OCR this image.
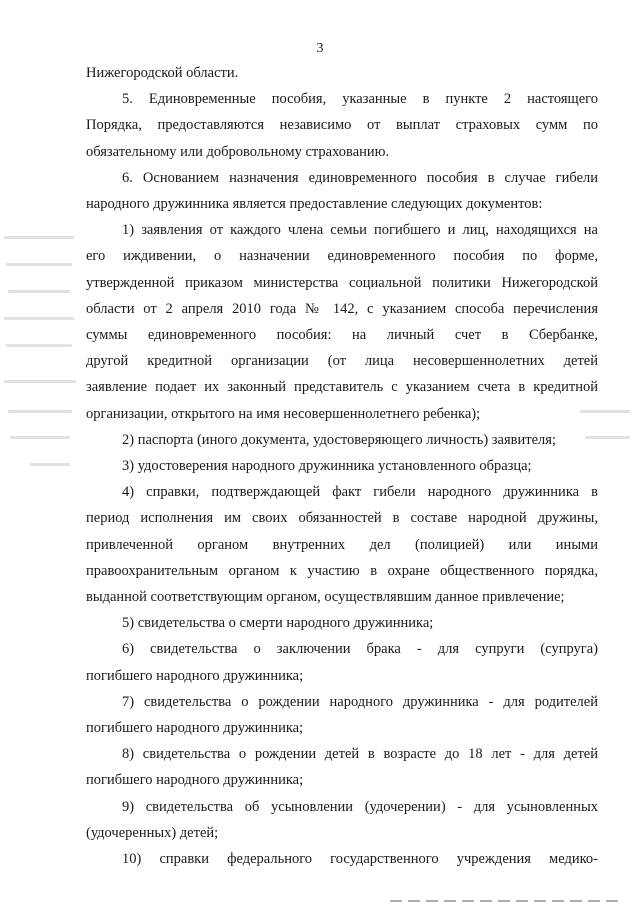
3

Нижегородской области.

5. Единовременные пособия, указанные в пункте 2 настоящего

Порядка, предоставляются независимо от выплат страховых сумм по

обязательному или добровольному страхованию.

6. Основанием назначения единовременного пособия в случае гибели

народного дружинника является предоставление следующих документов:

1) заявления от каждого члена семьи погибшего и лиц, находящихся на

его иждивении, о назначении единовременного пособия по форме,

утвержденной приказом министерства социальной политики Нижегородской

области от 2 апреля 2010 года № 142, с указанием способа перечисления

суммы единовременного пособия: на личный счет в Сбербанке,

другой кредитной организации (от лица несовершеннолетних детей

заявление подает их законный представитель с указанием счета в кредитной

организации, открытого на имя несовершеннолетнего ребенка);

2) паспорта (иного документа, удостоверяющего личность) заявителя;

3) удостоверения народного дружинника установленного образца;

4) справки, подтверждающей факт гибели народного дружинника в

период исполнения им своих обязанностей в составе народной дружины,

привлеченной органом внутренних дел (полицией) или иными

правоохранительным органом к участию в охране общественного порядка,

выданной соответствующим органом, осуществлявшим данное привлечение;

5) свидетельства о смерти народного дружинника;

6) свидетельства о заключении брака - для супруги (супруга)

погибшего народного дружинника;

7) свидетельства о рождении народного дружинника - для родителей

погибшего народного дружинника;

8) свидетельства о рождении детей в возрасте до 18 лет - для детей

погибшего народного дружинника;

9) свидетельства об усыновлении (удочерении) - для усыновленных

(удочеренных) детей;

10) справки федерального государственного учреждения медико-
